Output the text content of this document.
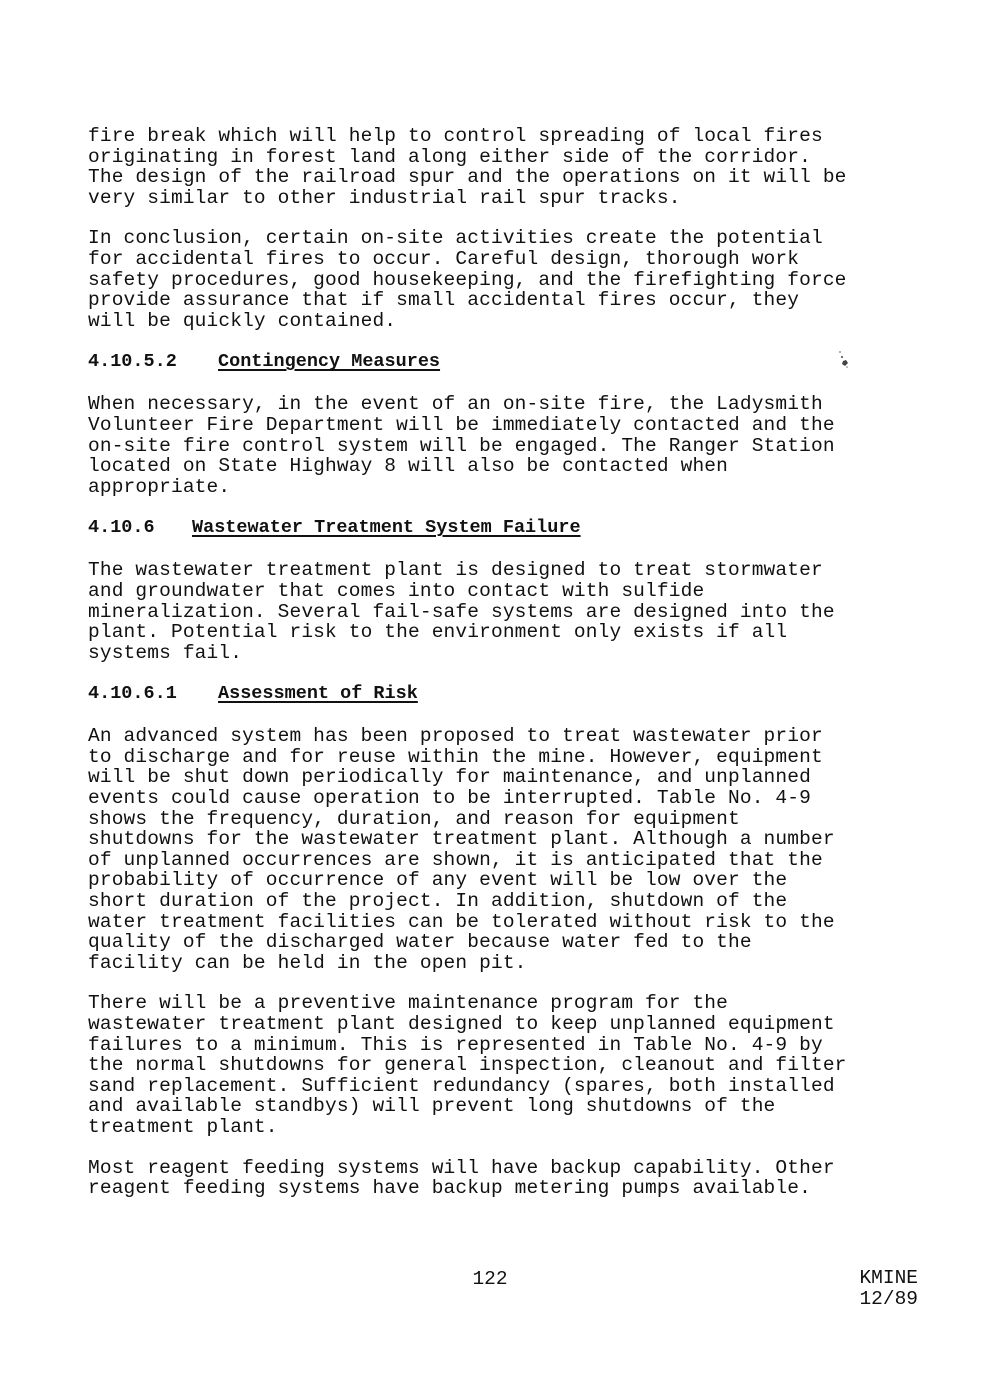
fire break which will help to control spreading of local fires
originating in forest land along either side of the corridor.
The design of the railroad spur and the operations on it will be
very similar to other industrial rail spur tracks.

In conclusion, certain on-site activities create the potential
for accidental fires to occur. Careful design, thorough work
safety procedures, good housekeeping, and the firefighting force
provide assurance that if small accidental fires occur, they
will be quickly contained.

4.10.5.2	Contingency Measures

When necessary, in the event of an on-site fire, the Ladysmith
Volunteer Fire Department will be immediately contacted and the
on-site fire control system will be engaged. The Ranger Station
located on State Highway 8 will also be contacted when
appropriate.

4.10.6	Wastewater Treatment System Failure

The wastewater treatment plant is designed to treat stormwater
and groundwater that comes into contact with sulfide
mineralization. Several fail-safe systems are designed into the
plant. Potential risk to the environment only exists if all
systems fail.

4.10.6.1	Assessment of Risk

An advanced system has been proposed to treat wastewater prior
to discharge and for reuse within the mine. However, equipment
will be shut down periodically for maintenance, and unplanned
events could cause operation to be interrupted. Table No. 4-9
shows the frequency, duration, and reason for equipment
shutdowns for the wastewater treatment plant. Although a number
of unplanned occurrences are shown, it is anticipated that the
probability of occurrence of any event will be low over the
short duration of the project. In addition, shutdown of the
water treatment facilities can be tolerated without risk to the
quality of the discharged water because water fed to the
facility can be held in the open pit.

There will be a preventive maintenance program for the
wastewater treatment plant designed to keep unplanned equipment
failures to a minimum. This is represented in Table No. 4-9 by
the normal shutdowns for general inspection, cleanout and filter
sand replacement. Sufficient redundancy (spares, both installed
and available standbys) will prevent long shutdowns of the
treatment plant.

Most reagent feeding systems will have backup capability. Other
reagent feeding systems have backup metering pumps available.

122	KMINE
12/89
